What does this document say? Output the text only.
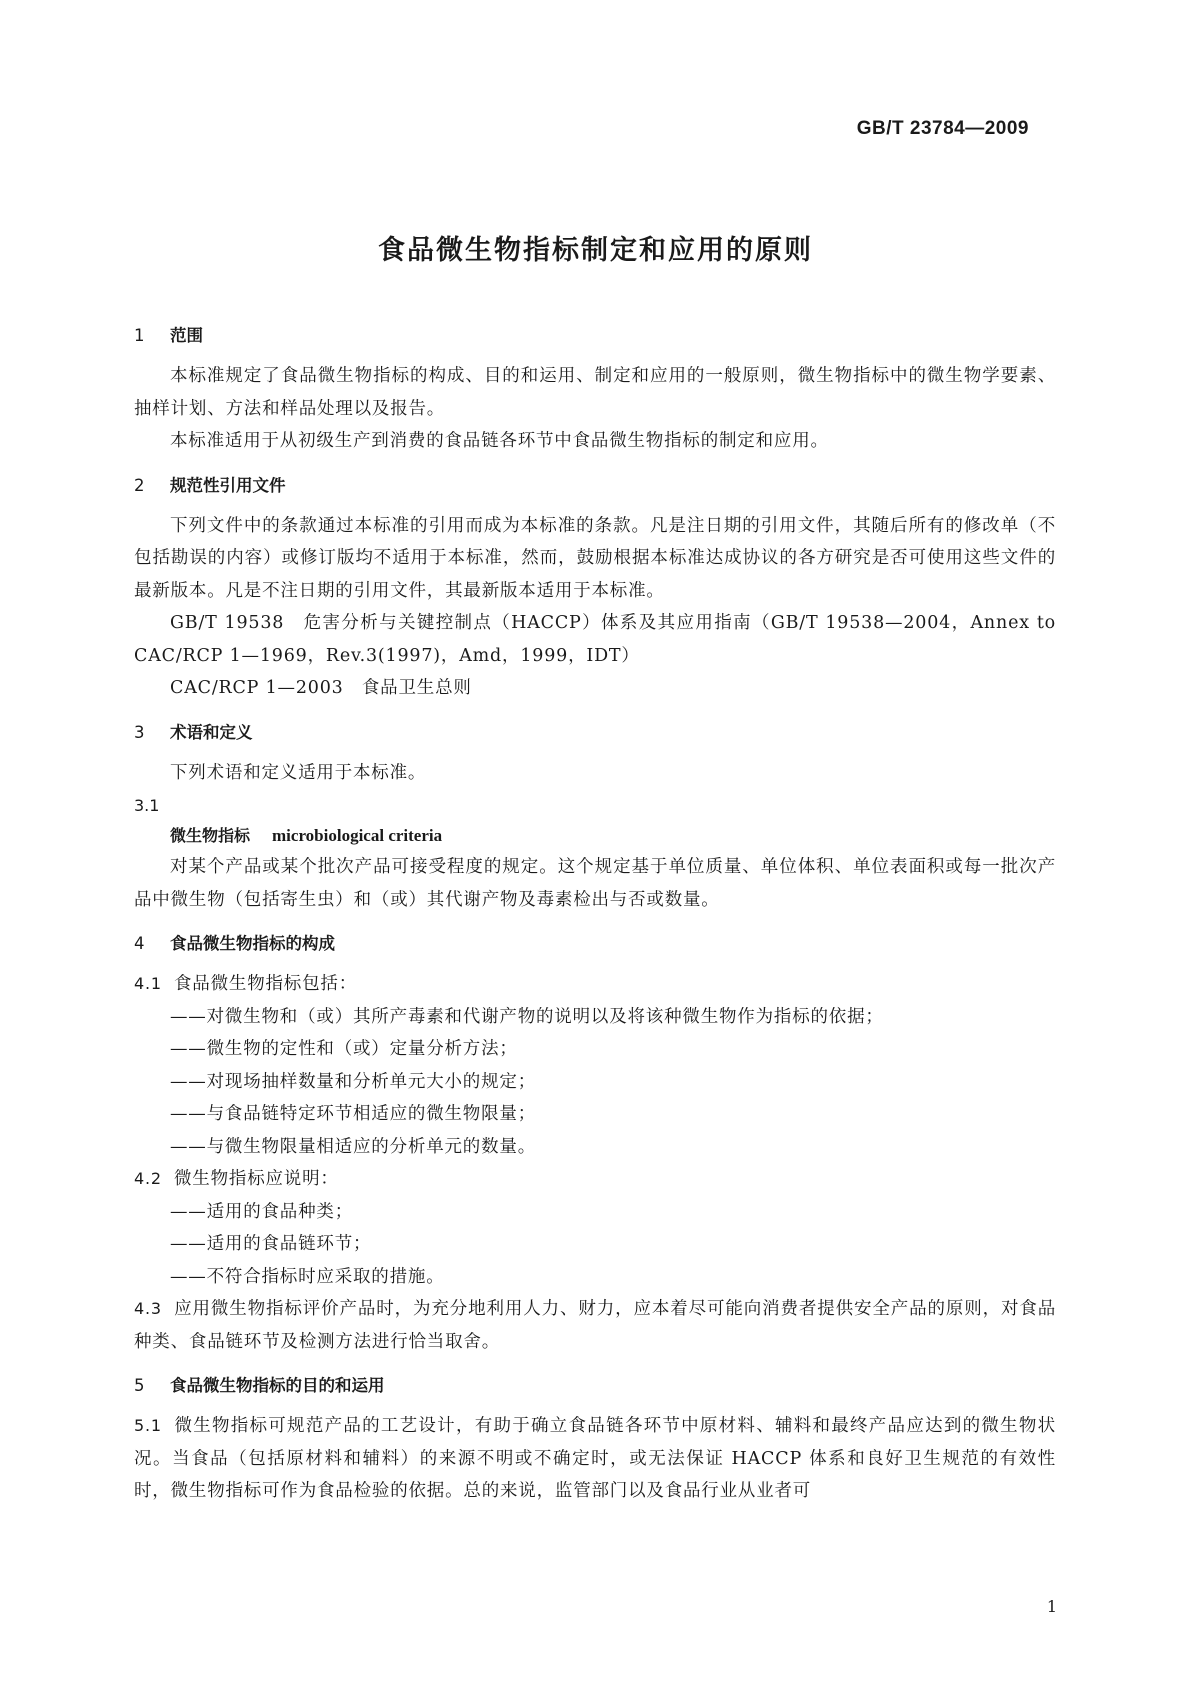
GB/T 23784—2009
食品微生物指标制定和应用的原则
1 范围

本标准规定了食品微生物指标的构成、目的和运用、制定和应用的一般原则，微生物指标中的微生物学要素、抽样计划、方法和样品处理以及报告。

本标准适用于从初级生产到消费的食品链各环节中食品微生物指标的制定和应用。

2 规范性引用文件

下列文件中的条款通过本标准的引用而成为本标准的条款。凡是注日期的引用文件，其随后所有的修改单（不包括勘误的内容）或修订版均不适用于本标准，然而，鼓励根据本标准达成协议的各方研究是否可使用这些文件的最新版本。凡是不注日期的引用文件，其最新版本适用于本标准。

GB/T 19538　危害分析与关键控制点（HACCP）体系及其应用指南（GB/T 19538—2004，Annex to CAC/RCP 1—1969，Rev.3(1997)，Amd，1999，IDT）

CAC/RCP 1—2003　食品卫生总则

3 术语和定义

下列术语和定义适用于本标准。

3.1
微生物指标 microbiological criteria

对某个产品或某个批次产品可接受程度的规定。这个规定基于单位质量、单位体积、单位表面积或每一批次产品中微生物（包括寄生虫）和（或）其代谢产物及毒素检出与否或数量。

4 食品微生物指标的构成
4.1 食品微生物指标包括：
——对微生物和（或）其所产毒素和代谢产物的说明以及将该种微生物作为指标的依据；
——微生物的定性和（或）定量分析方法；
——对现场抽样数量和分析单元大小的规定；
——与食品链特定环节相适应的微生物限量；
——与微生物限量相适应的分析单元的数量。
4.2 微生物指标应说明：
——适用的食品种类；
——适用的食品链环节；
——不符合指标时应采取的措施。

4.3 应用微生物指标评价产品时，为充分地利用人力、财力，应本着尽可能向消费者提供安全产品的原则，对食品种类、食品链环节及检测方法进行恰当取舍。

5 食品微生物指标的目的和运用

5.1 微生物指标可规范产品的工艺设计，有助于确立食品链各环节中原材料、辅料和最终产品应达到的微生物状况。当食品（包括原材料和辅料）的来源不明或不确定时，或无法保证 HACCP 体系和良好卫生规范的有效性时，微生物指标可作为食品检验的依据。总的来说，监管部门以及食品行业从业者可

1
